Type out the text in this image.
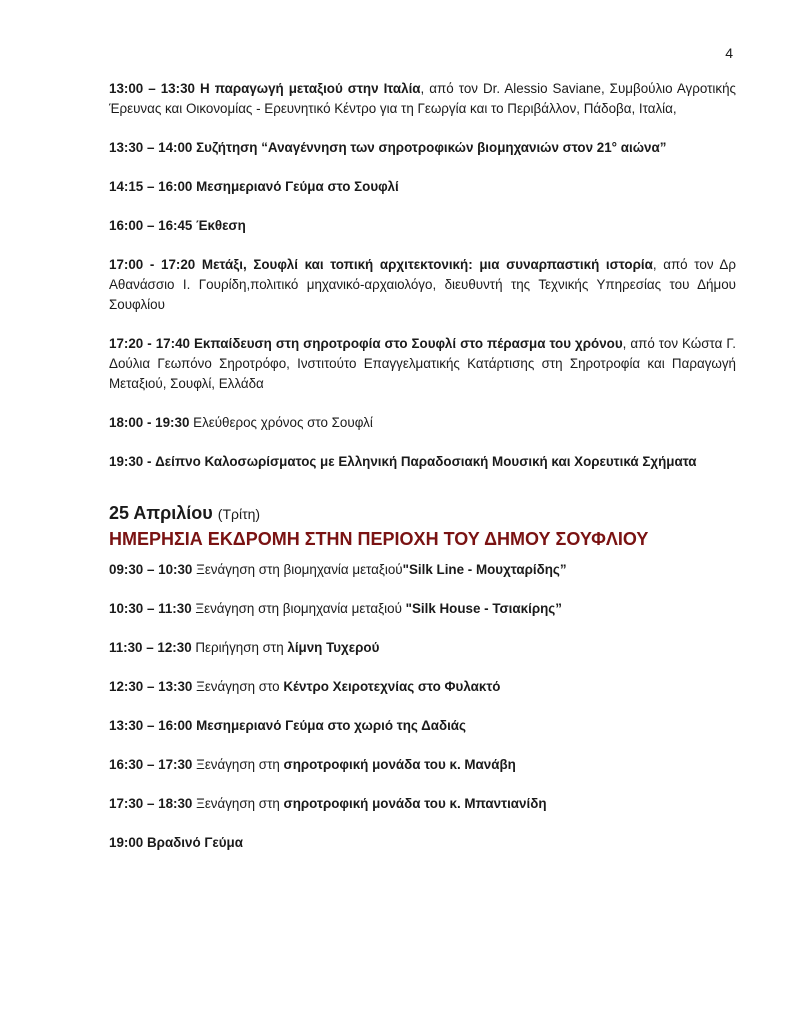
4

13:00 – 13:30 Η παραγωγή μεταξιού στην Ιταλία, από τον Dr. Alessio Saviane, Συμβούλιο Αγροτικής Έρευνας και Οικονομίας - Ερευνητικό Κέντρο για τη Γεωργία και το Περιβάλλον, Πάδοβα, Ιταλία,

13:30 – 14:00 Συζήτηση “Αναγέννηση των σηροτροφικών βιομηχανιών στον 21° αιώνα”

14:15 – 16:00 Μεσημεριανό Γεύμα στο Σουφλί

16:00 – 16:45 Έκθεση

17:00 - 17:20 Μετάξι, Σουφλί και τοπική αρχιτεκτονική: μια συναρπαστική ιστορία, από τον Δρ Αθανάσσιο Ι. Γουρίδη,πολιτικό μηχανικό-αρχαιολόγο, διευθυντή της Τεχνικής Υπηρεσίας του Δήμου Σουφλίου

17:20 - 17:40 Εκπαίδευση στη σηροτροφία στο Σουφλί στο πέρασμα του χρόνου, από τον Κώστα Γ. Δούλια Γεωπόνο Σηροτρόφο, Ινστιτούτο Επαγγελματικής Κατάρτισης στη Σηροτροφία και Παραγωγή Μεταξιού, Σουφλί, Ελλάδα

18:00 - 19:30 Ελεύθερος χρόνος στο Σουφλί

19:30 - Δείπνο Καλοσωρίσματος με Ελληνική Παραδοσιακή Μουσική και Χορευτικά Σχήματα

25 Απριλίου (Τρίτη)
ΗΜΕΡΗΣΙΑ ΕΚΔΡΟΜΗ ΣΤΗΝ ΠΕΡΙΟΧΗ ΤΟΥ ΔΗΜΟΥ ΣΟΥΦΛΙΟΥ

09:30 – 10:30 Ξενάγηση στη βιομηχανία μεταξιού"Silk Line - Μουχταρίδης”

10:30 – 11:30 Ξενάγηση στη βιομηχανία μεταξιού "Silk House - Τσιακίρης”

11:30 – 12:30 Περιήγηση στη λίμνη Τυχερού

12:30 – 13:30 Ξενάγηση στο Κέντρο Χειροτεχνίας στο Φυλακτό

13:30 – 16:00 Μεσημεριανό Γεύμα στο χωριό της Δαδιάς

16:30 – 17:30 Ξενάγηση στη σηροτροφική μονάδα του κ. Μανάβη

17:30 – 18:30 Ξενάγηση στη σηροτροφική μονάδα του κ. Μπαντιανίδη

19:00 Βραδινό Γεύμα
